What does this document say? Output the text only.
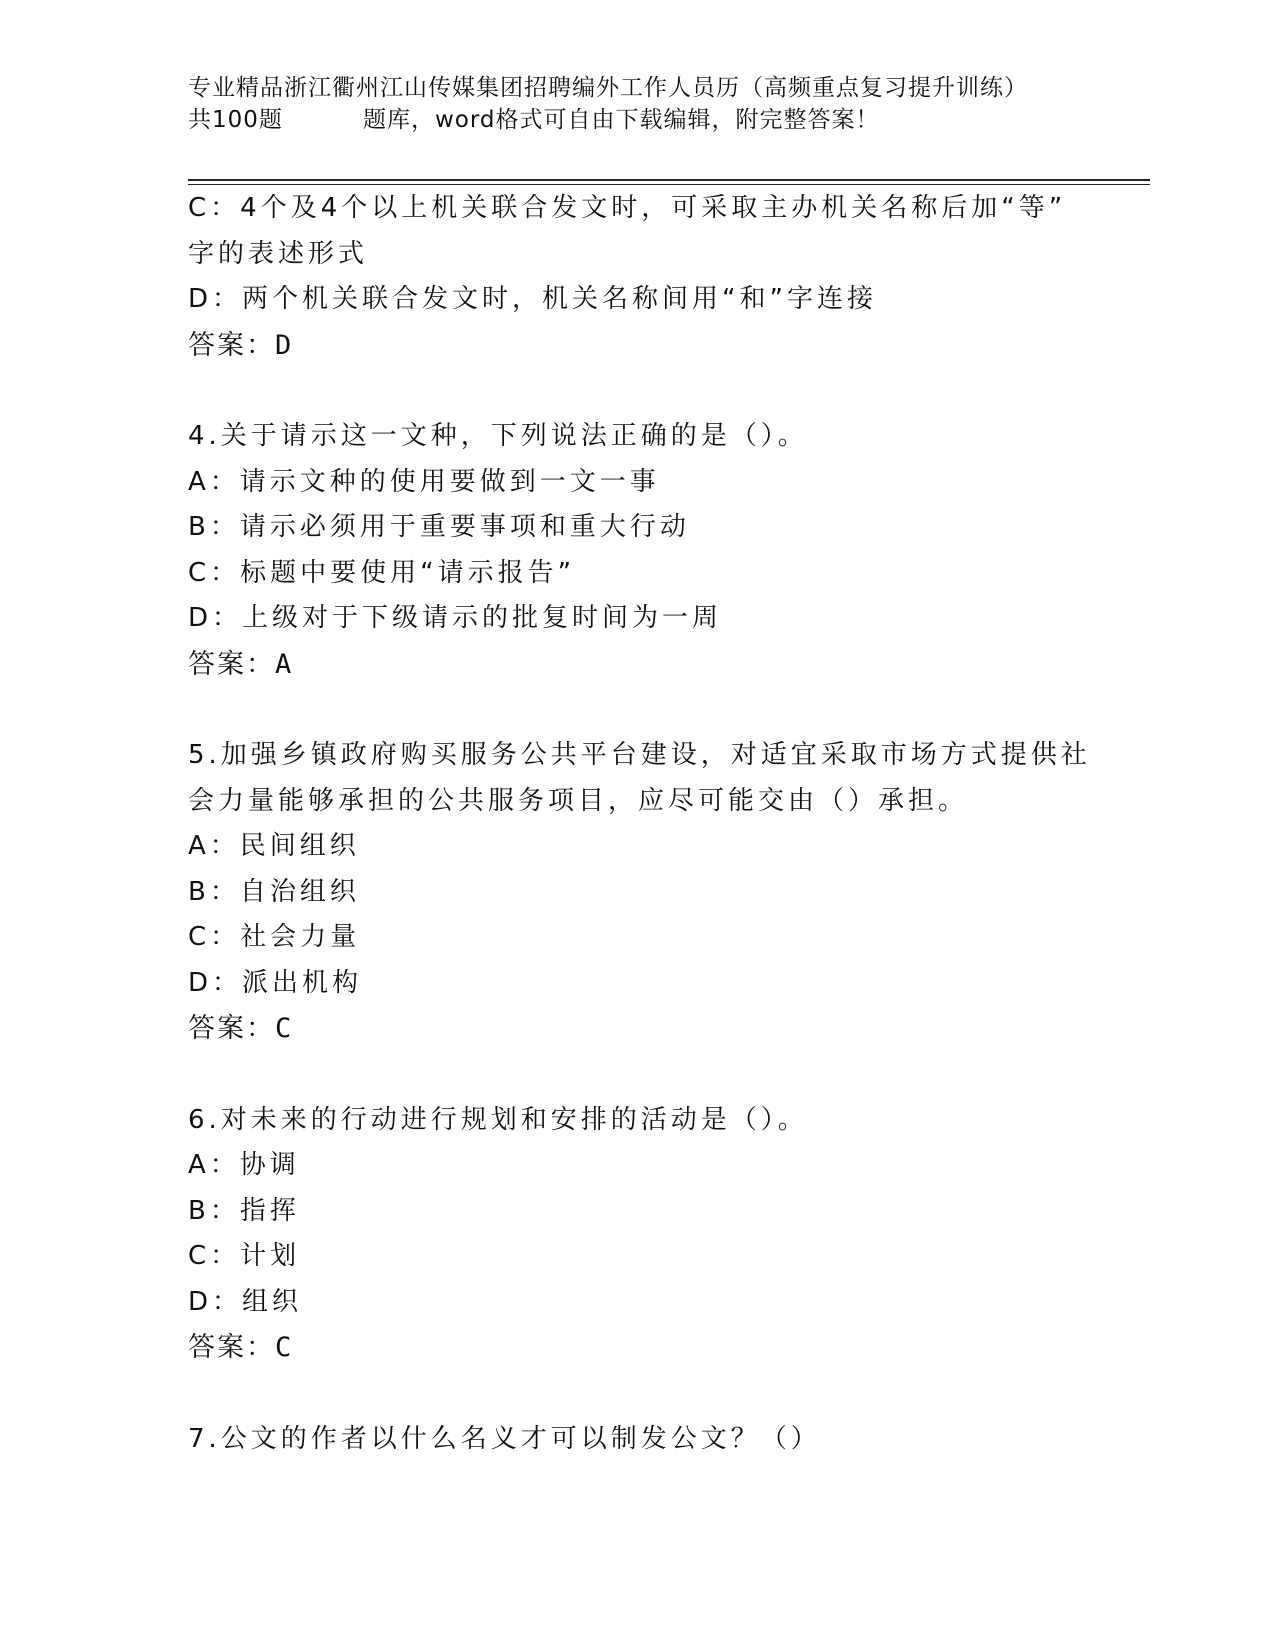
专业精品浙江衢州江山传媒集团招聘编外工作人员历（高频重点复习提升训练）
共100题	题库，word格式可自由下载编辑，附完整答案！
C：4个及4个以上机关联合发文时，可采取主办机关名称后加“等”
字的表述形式
D：两个机关联合发文时，机关名称间用“和”字连接
答案：D
4.关于请示这一文种，下列说法正确的是（）。
A：请示文种的使用要做到一文一事
B：请示必须用于重要事项和重大行动
C：标题中要使用“请示报告”
D：上级对于下级请示的批复时间为一周
答案：A
5.加强乡镇政府购买服务公共平台建设，对适宜采取市场方式提供社
会力量能够承担的公共服务项目，应尽可能交由（）承担。
A：民间组织
B：自治组织
C：社会力量
D：派出机构
答案：C
6.对未来的行动进行规划和安排的活动是（）。
A：协调
B：指挥
C：计划
D：组织
答案：C
7.公文的作者以什么名义才可以制发公文？（）
